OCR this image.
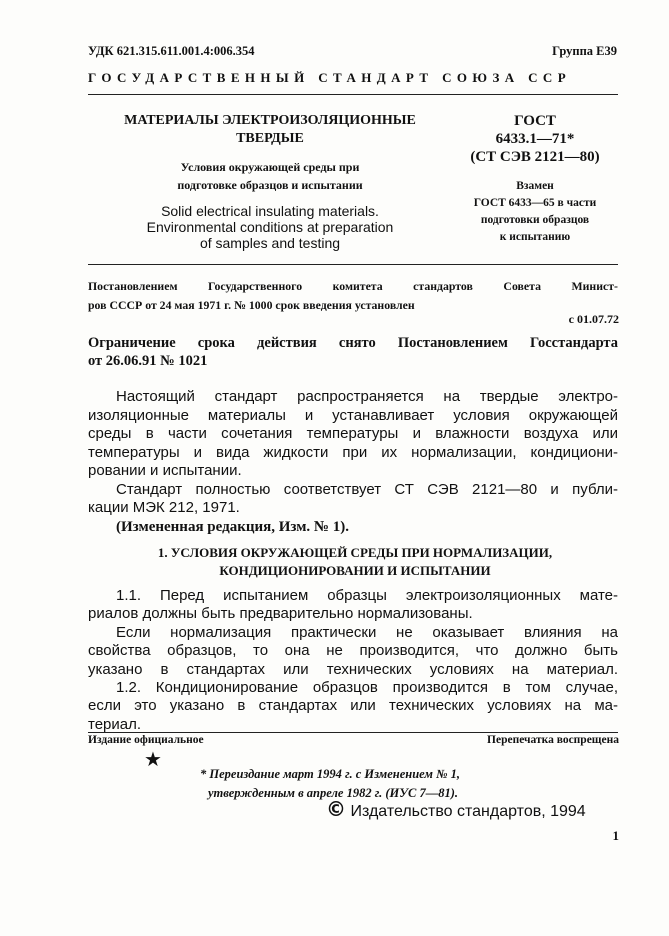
УДК 621.315.611.001.4:006.354	Группа Е39
ГОСУДАРСТВЕННЫЙ СТАНДАРТ СОЮЗА ССР
МАТЕРИАЛЫ ЭЛЕКТРОИЗОЛЯЦИОННЫЕ
ТВЕРДЫЕ
Условия окружающей среды при
подготовке образцов и испытании
Solid electrical insulating materials.
Environmental conditions at preparation
of samples and testing
ГОСТ
6433.1—71*
(СТ СЭВ 2121—80)
Взамен
ГОСТ 6433—65 в части
подготовки образцов
к испытанию
Постановлением Государственного комитета стандартов Совета Минист-
ров СССР от 24 мая 1971 г. № 1000 срок введения установлен
с 01.07.72
Ограничение срока действия снято Постановлением Госстандарта
от 26.06.91 № 1021
Настоящий стандарт распространяется на твердые электро-
изоляционные материалы и устанавливает условия окружающей
среды в части сочетания температуры и влажности воздуха или
температуры и вида жидкости при их нормализации, кондициони-
ровании и испытании.
Стандарт полностью соответствует СТ СЭВ 2121—80 и публи-
кации МЭК 212, 1971.
(Измененная редакция, Изм. № 1).
1. УСЛОВИЯ ОКРУЖАЮЩЕЙ СРЕДЫ ПРИ НОРМАЛИЗАЦИИ,
КОНДИЦИОНИРОВАНИИ И ИСПЫТАНИИ
1.1. Перед испытанием образцы электроизоляционных мате-
риалов должны быть предварительно нормализованы.
Если нормализация практически не оказывает влияния на
свойства образцов, то она не производится, что должно быть
указано в стандартах или технических условиях на материал.
1.2. Кондиционирование образцов производится в том случае,
если это указано в стандартах или технических условиях на ма-
териал.
Издание официальное	Перепечатка воспрещена
★
* Переиздание март 1994 г. с Изменением № 1,
утвержденным в апреле 1982 г. (ИУС 7—81).
© Издательство стандартов, 1994
1
